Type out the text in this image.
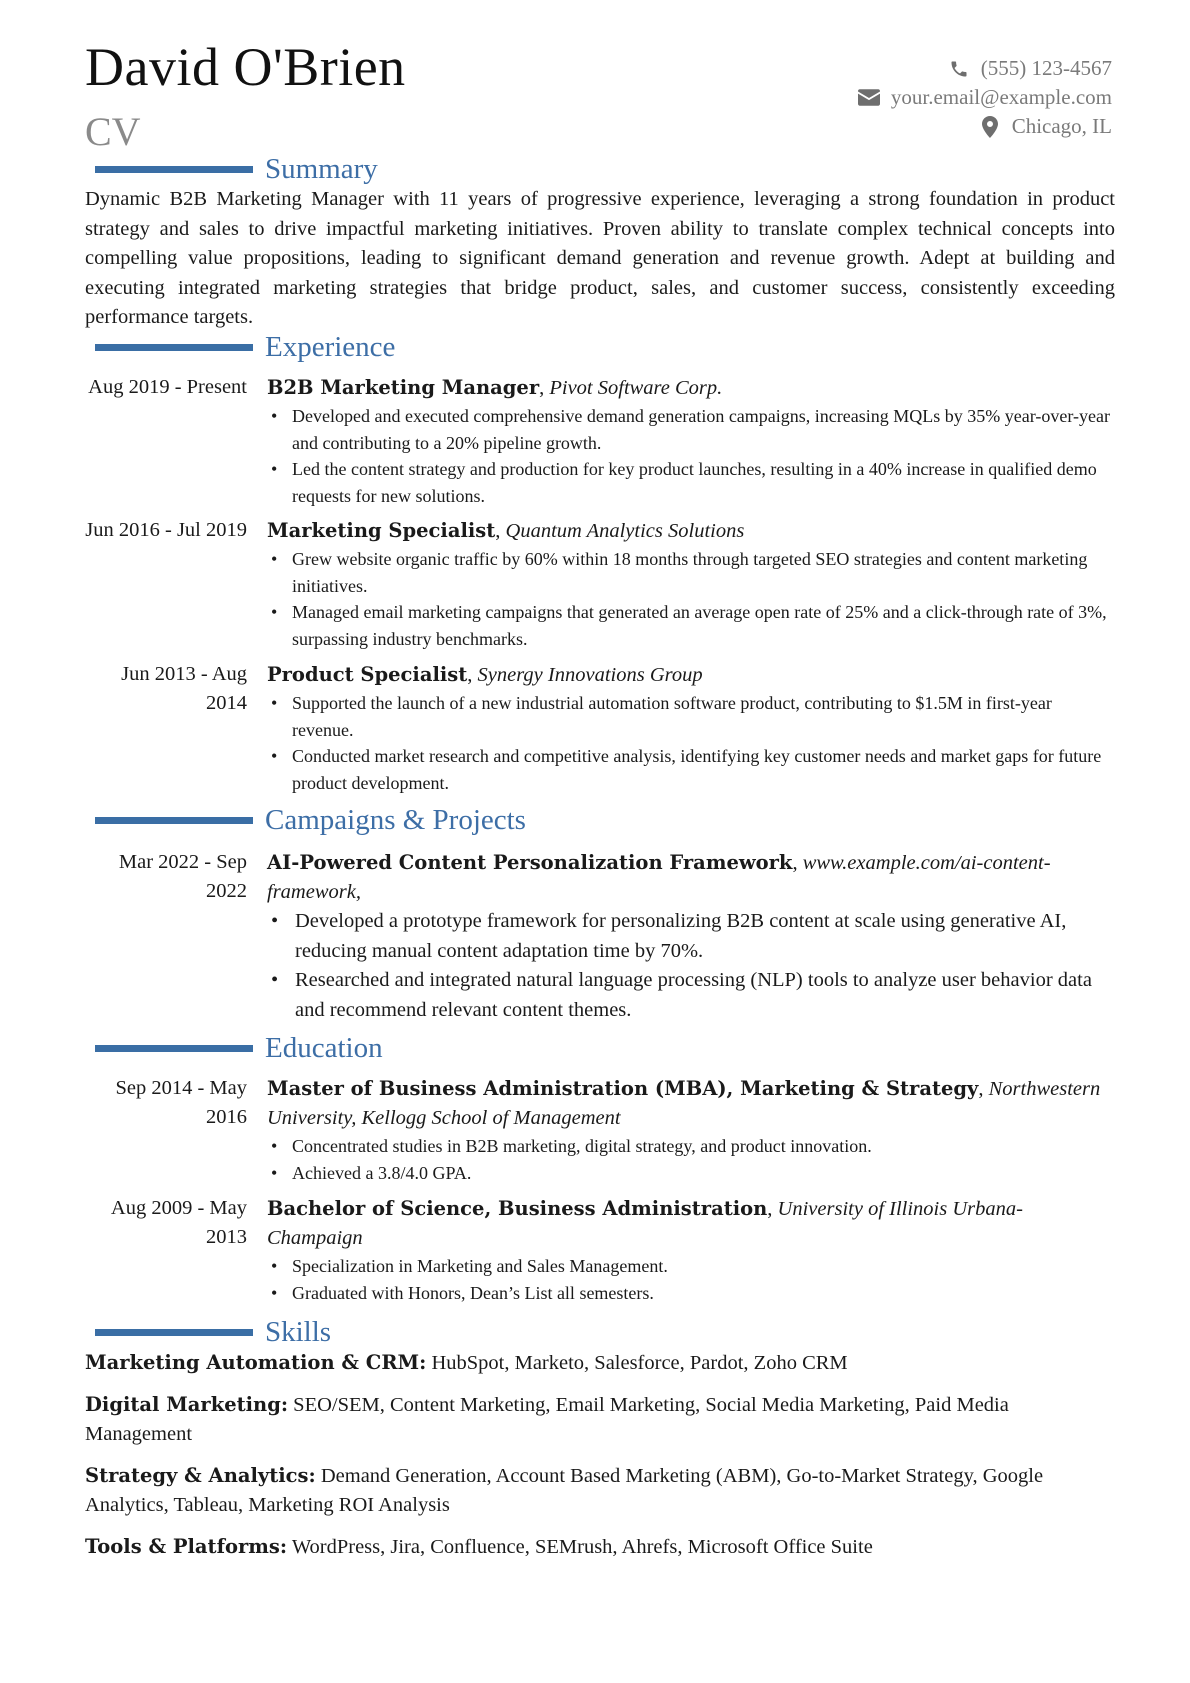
David O'Brien
CV
(555) 123-4567
your.email@example.com
Chicago, IL
Summary
Dynamic B2B Marketing Manager with 11 years of progressive experience, leveraging a strong foundation in product strategy and sales to drive impactful marketing initiatives. Proven ability to translate complex technical concepts into compelling value propositions, leading to significant demand generation and revenue growth. Adept at building and executing integrated marketing strategies that bridge product, sales, and customer success, consistently exceeding performance targets.
Experience
Aug 2019 - Present B2B Marketing Manager, Pivot Software Corp.
• Developed and executed comprehensive demand generation campaigns, increasing MQLs by 35% year-over-year and contributing to a 20% pipeline growth.
• Led the content strategy and production for key product launches, resulting in a 40% increase in qualified demo requests for new solutions.
Jun 2016 - Jul 2019 Marketing Specialist, Quantum Analytics Solutions
• Grew website organic traffic by 60% within 18 months through targeted SEO strategies and content marketing initiatives.
• Managed email marketing campaigns that generated an average open rate of 25% and a click-through rate of 3%, surpassing industry benchmarks.
Jun 2013 - Aug 2014
Product Specialist, Synergy Innovations Group
• Supported the launch of a new industrial automation software product, contributing to $1.5M in first-year revenue.
• Conducted market research and competitive analysis, identifying key customer needs and market gaps for future product development.
Campaigns & Projects
Mar 2022 - Sep 2022
AI-Powered Content Personalization Framework, www.example.com/ai-content-framework,
• Developed a prototype framework for personalizing B2B content at scale using generative AI, reducing manual content adaptation time by 70%.
• Researched and integrated natural language processing (NLP) tools to analyze user behavior data and recommend relevant content themes.
Education
Sep 2014 - May 2016
Master of Business Administration (MBA), Marketing & Strategy, Northwestern University, Kellogg School of Management
• Concentrated studies in B2B marketing, digital strategy, and product innovation.
• Achieved a 3.8/4.0 GPA.
Aug 2009 - May 2013
Bachelor of Science, Business Administration, University of Illinois Urbana-Champaign
• Specialization in Marketing and Sales Management.
• Graduated with Honors, Dean’s List all semesters.
Skills
Marketing Automation & CRM: HubSpot, Marketo, Salesforce, Pardot, Zoho CRM
Digital Marketing: SEO/SEM, Content Marketing, Email Marketing, Social Media Marketing, Paid Media Management
Strategy & Analytics: Demand Generation, Account Based Marketing (ABM), Go-to-Market Strategy, Google Analytics, Tableau, Marketing ROI Analysis
Tools & Platforms: WordPress, Jira, Confluence, SEMrush, Ahrefs, Microsoft Office Suite
